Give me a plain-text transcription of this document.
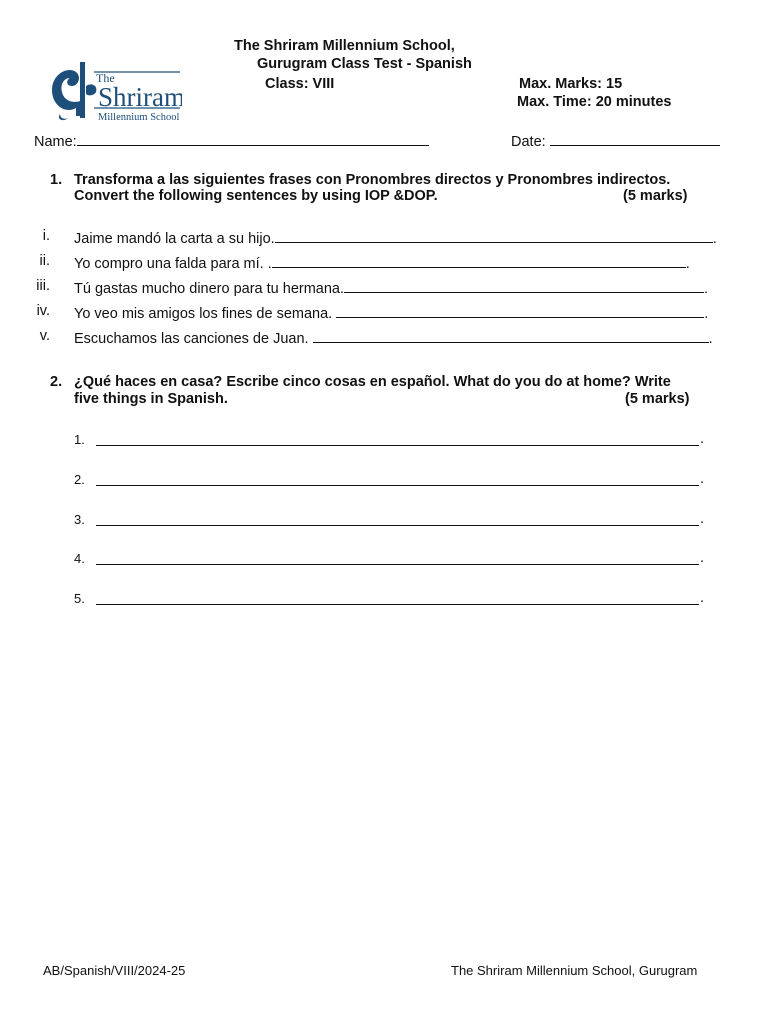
The
Shriram
Millennium School
The Shriram Millennium School,
Gurugram Class Test - Spanish
Class: VIII	Max. Marks: 15
Max. Time: 20 minutes
Name:	Date:
1. Transforma a las siguientes frases con Pronombres directos y Pronombres indirectos.
Convert the following sentences by using IOP &DOP.	(5 marks)
i. Jaime mandó la carta a su hijo.	.
ii. Yo compro una falda para mí. .	.
iii. Tú gastas mucho dinero para tu hermana.	.
iv. Yo veo mis amigos los fines de semana.	.
v. Escuchamos las canciones de Juan.	.
2. ¿Qué haces en casa? Escribe cinco cosas en español. What do you do at home? Write
five things in Spanish.	(5 marks)
1.	.
2.	.
3.	.
4.	.
5.	.
AB/Spanish/VIII/2024-25	The Shriram Millennium School, Gurugram
